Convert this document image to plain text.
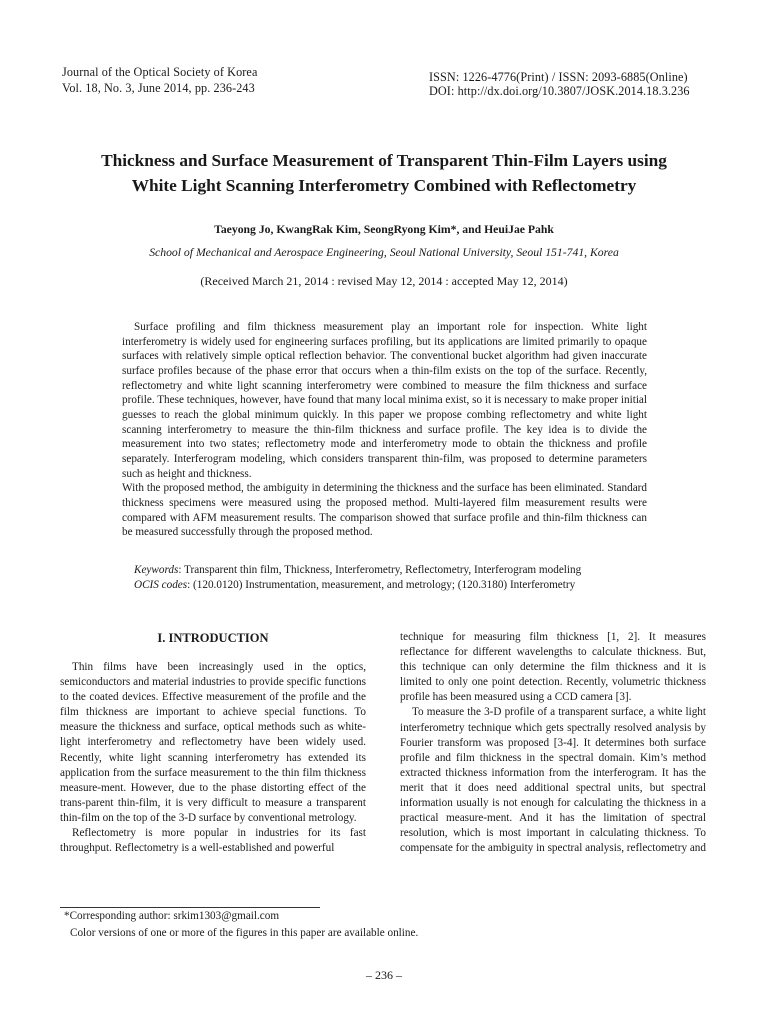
Journal of the Optical Society of Korea
Vol. 18, No. 3, June 2014, pp. 236-243
ISSN: 1226-4776(Print) / ISSN: 2093-6885(Online)
DOI: http://dx.doi.org/10.3807/JOSK.2014.18.3.236
Thickness and Surface Measurement of Transparent Thin-Film Layers using
White Light Scanning Interferometry Combined with Reflectometry
Taeyong Jo, KwangRak Kim, SeongRyong Kim*, and HeuiJae Pahk
School of Mechanical and Aerospace Engineering, Seoul National University, Seoul 151-741, Korea
(Received March 21, 2014 : revised May 12, 2014 : accepted May 12, 2014)

Surface profiling and film thickness measurement play an important role for inspection. White light interferometry is widely used for engineering surfaces profiling, but its applications are limited primarily to opaque surfaces with relatively simple optical reflection behavior. The conventional bucket algorithm had given inaccurate surface profiles because of the phase error that occurs when a thin-film exists on the top of the surface. Recently, reflectometry and white light scanning interferometry were combined to measure the film thickness and surface profile. These techniques, however, have found that many local minima exist, so it is necessary to make proper initial guesses to reach the global minimum quickly. In this paper we propose combing reflectometry and white light scanning interferometry to measure the thin-film thickness and surface profile. The key idea is to divide the measurement into two states; reflectometry mode and interferometry mode to obtain the thickness and profile separately. Interferogram modeling, which considers transparent thin-film, was proposed to determine parameters such as height and thickness.

With the proposed method, the ambiguity in determining the thickness and the surface has been eliminated. Standard thickness specimens were measured using the proposed method. Multi-layered film measurement results were compared with AFM measurement results. The comparison showed that surface profile and thin-film thickness can be measured successfully through the proposed method.

Keywords: Transparent thin film, Thickness, Interferometry, Reflectometry, Interferogram modeling
OCIS codes: (120.0120) Instrumentation, measurement, and metrology; (120.3180) Interferometry
I. INTRODUCTION

Thin films have been increasingly used in the optics, semiconductors and material industries to provide specific functions to the coated devices. Effective measurement of the profile and the film thickness are important to achieve special functions. To measure the thickness and surface, optical methods such as white-light interferometry and reflectometry have been widely used. Recently, white light scanning interferometry has extended its application from the surface measurement to the thin film thickness measure-ment. However, due to the phase distorting effect of the trans-parent thin-film, it is very difficult to measure a transparent thin-film on the top of the 3-D surface by conventional metrology.

Reflectometry is more popular in industries for its fast throughput. Reflectometry is a well-established and powerful

technique for measuring film thickness [1, 2]. It measures reflectance for different wavelengths to calculate thickness. But, this technique can only determine the film thickness and it is limited to only one point detection. Recently, volumetric thickness profile has been measured using a CCD camera [3].

To measure the 3-D profile of a transparent surface, a white light interferometry technique which gets spectrally resolved analysis by Fourier transform was proposed [3-4]. It determines both surface profile and film thickness in the spectral domain. Kim’s method extracted thickness information from the interferogram. It has the merit that it does need additional spectral units, but spectral information usually is not enough for calculating the thickness in a practical measure-ment. And it has the limitation of spectral resolution, which is most important in calculating thickness. To compensate for the ambiguity in spectral analysis, reflectometry and

*Corresponding author: srkim1303@gmail.com
Color versions of one or more of the figures in this paper are available online.
– 236 –
